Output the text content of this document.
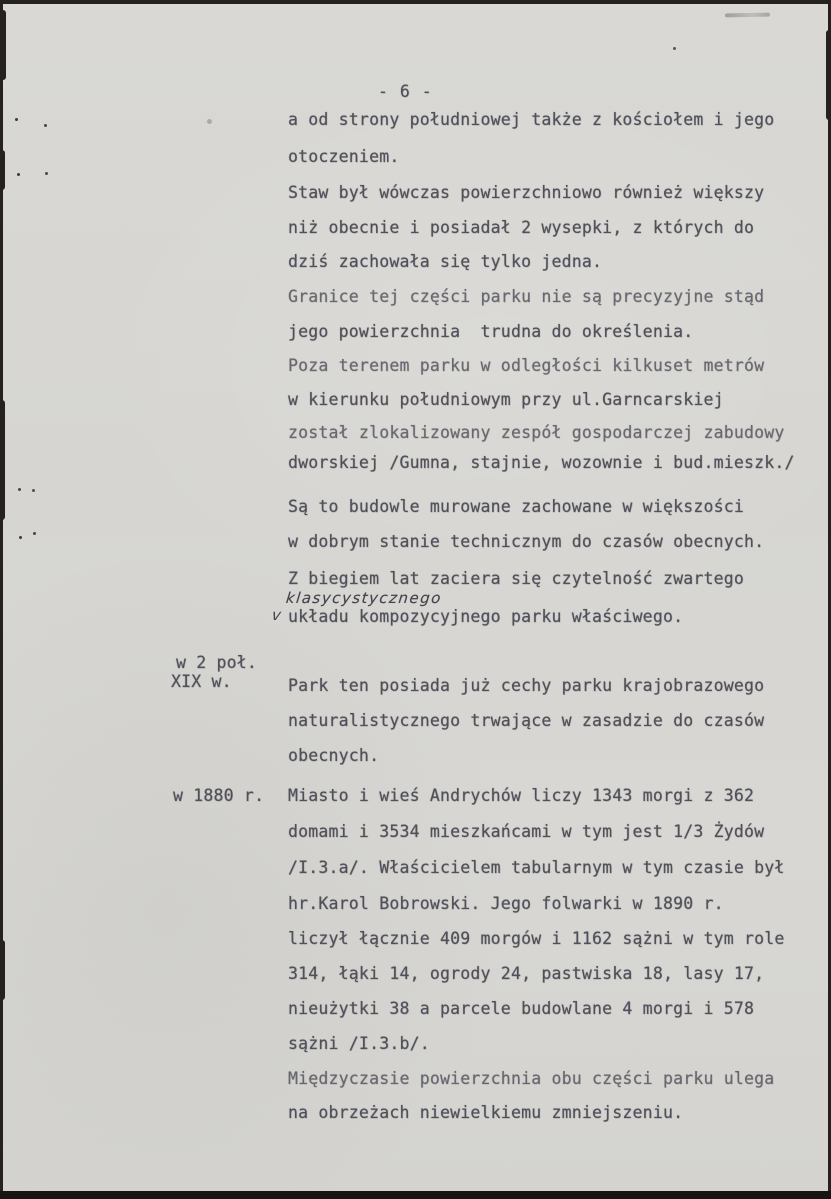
- 6 -
a od strony południowej także z kościołem i jego
otoczeniem.
Staw był wówczas powierzchniowo również większy
niż obecnie i posiadał 2 wysepki, z których do
dziś zachowała się tylko jedna.
Granice tej części parku nie są precyzyjne stąd
jego powierzchnia  trudna do określenia.
Poza terenem parku w odległości kilkuset metrów
w kierunku południowym przy ul.Garncarskiej
został zlokalizowany zespół gospodarczej zabudowy
dworskiej /Gumna, stajnie, wozownie i bud.mieszk./
Są to budowle murowane zachowane w większości
w dobrym stanie technicznym do czasów obecnych.
Z biegiem lat zaciera się czytelność zwartego
układu kompozycyjnego parku właściwego.
klasycystycznego
v
w 2 poł.
XIX w.	Park ten posiada już cechy parku krajobrazowego
naturalistycznego trwające w zasadzie do czasów
obecnych.
w 1880 r. Miasto i wieś Andrychów liczy 1343 morgi z 362
domami i 3534 mieszkańcami w tym jest 1/3 Żydów
/I.3.a/. Właścicielem tabularnym w tym czasie był
hr.Karol Bobrowski. Jego folwarki w 1890 r.
liczył łącznie 409 morgów i 1162 sążni w tym role
314, łąki 14, ogrody 24, pastwiska 18, lasy 17,
nieużytki 38 a parcele budowlane 4 morgi i 578
sążni /I.3.b/.
Międzyczasie powierzchnia obu części parku ulega
na obrzeżach niewielkiemu zmniejszeniu.
